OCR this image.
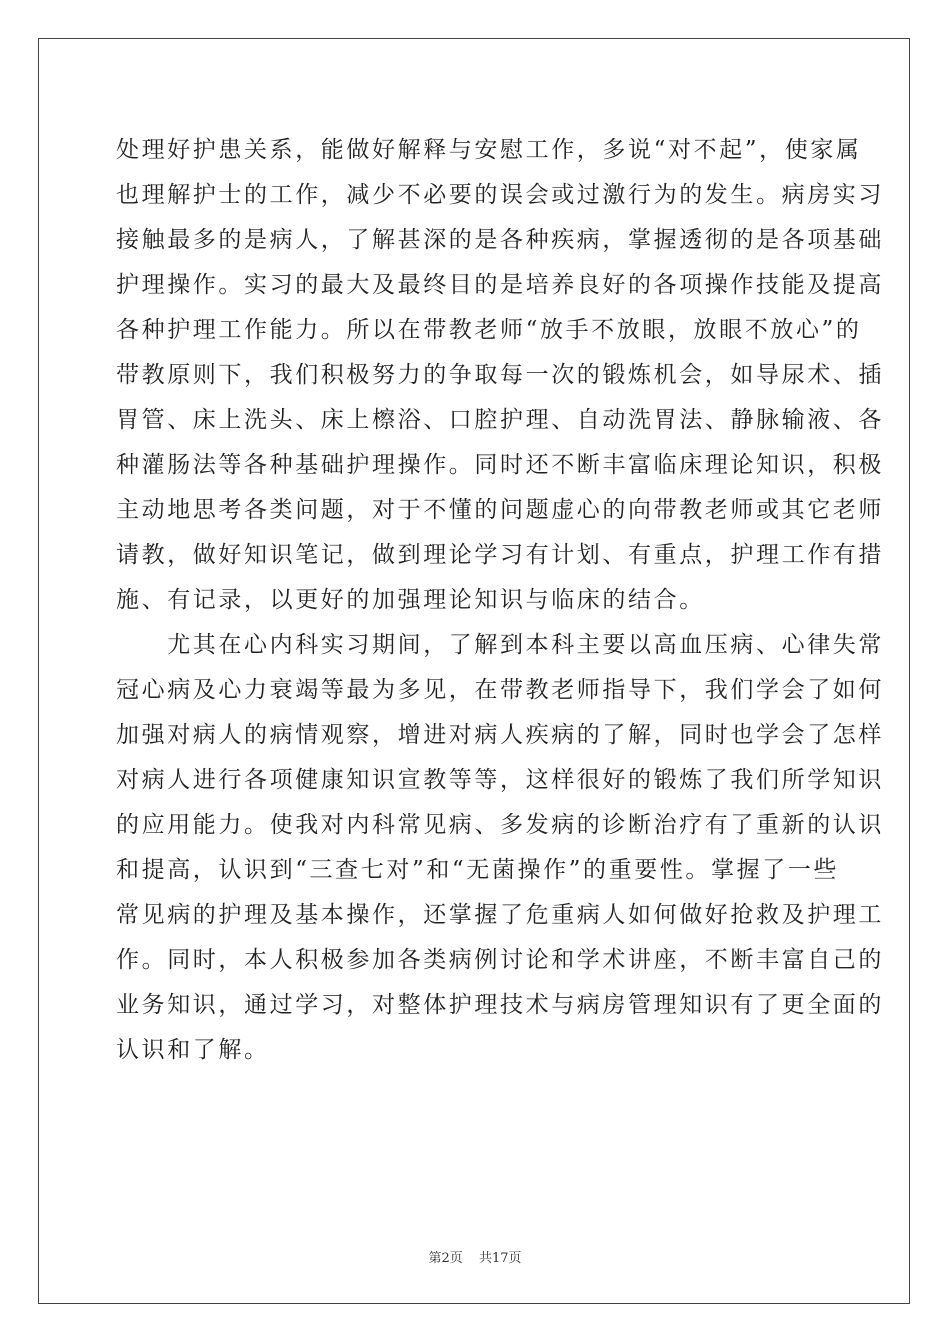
处理好护患关系，能做好解释与安慰工作，多说“对不起”，使家属
也理解护士的工作，减少不必要的误会或过激行为的发生。病房实习
接触最多的是病人，了解甚深的是各种疾病，掌握透彻的是各项基础
护理操作。实习的最大及最终目的是培养良好的各项操作技能及提高
各种护理工作能力。所以在带教老师“放手不放眼，放眼不放心”的
带教原则下，我们积极努力的争取每一次的锻炼机会，如导尿术、插
胃管、床上洗头、床上檫浴、口腔护理、自动洗胃法、静脉输液、各
种灌肠法等各种基础护理操作。同时还不断丰富临床理论知识，积极
主动地思考各类问题，对于不懂的问题虚心的向带教老师或其它老师
请教，做好知识笔记，做到理论学习有计划、有重点，护理工作有措
施、有记录，以更好的加强理论知识与临床的结合。
　　尤其在心内科实习期间，了解到本科主要以高血压病、心律失常
冠心病及心力衰竭等最为多见，在带教老师指导下，我们学会了如何
加强对病人的病情观察，增进对病人疾病的了解，同时也学会了怎样
对病人进行各项健康知识宣教等等，这样很好的锻炼了我们所学知识
的应用能力。使我对内科常见病、多发病的诊断治疗有了重新的认识
和提高，认识到“三查七对”和“无菌操作”的重要性。掌握了一些
常见病的护理及基本操作，还掌握了危重病人如何做好抢救及护理工
作。同时，本人积极参加各类病例讨论和学术讲座，不断丰富自己的
业务知识，通过学习，对整体护理技术与病房管理知识有了更全面的
认识和了解。
第2页 共17页
